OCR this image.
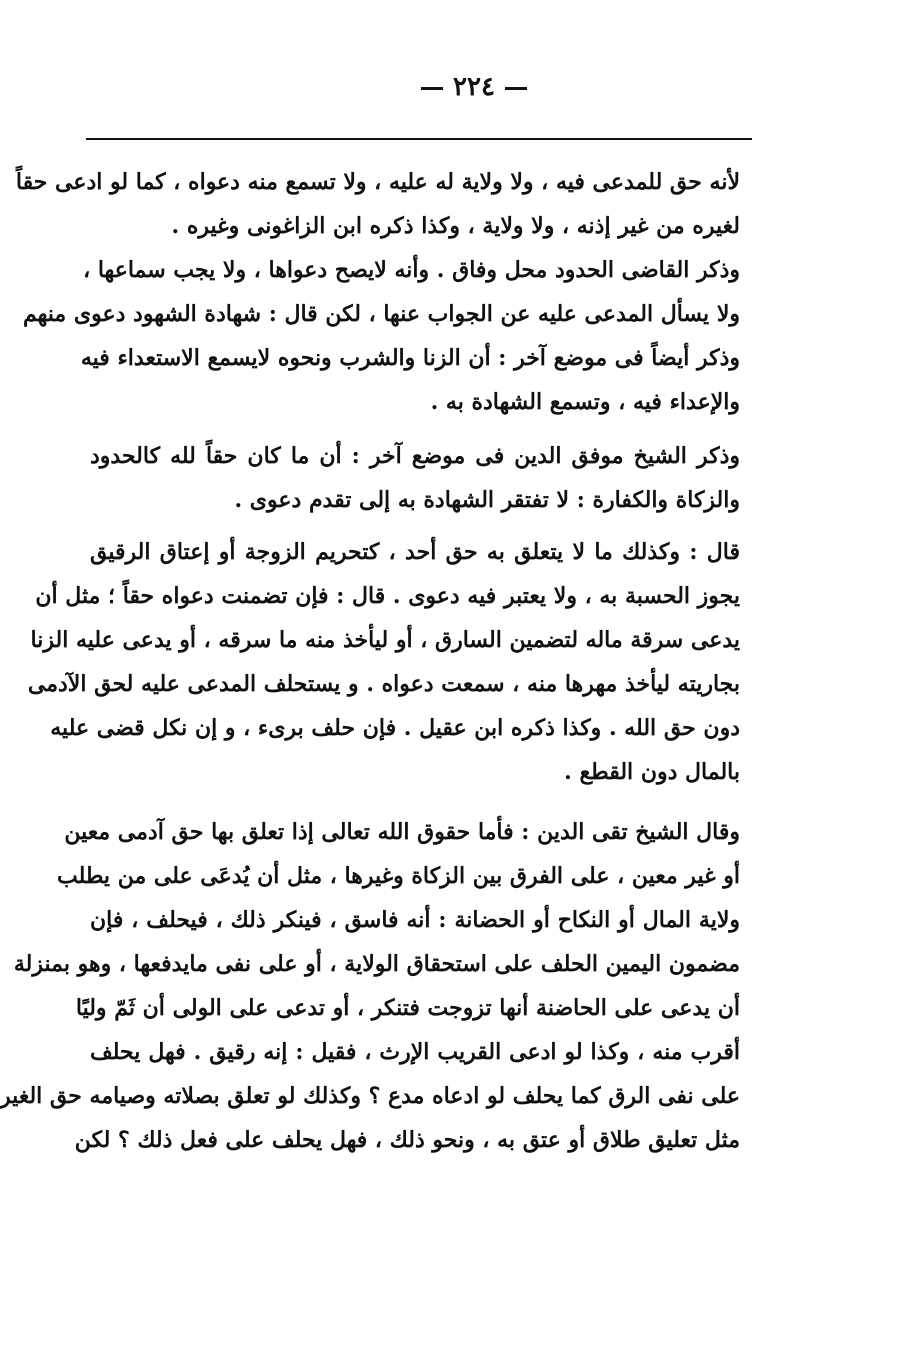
٢٢٤
لأنه حق للمدعى فيه ، ولا ولاية له عليه ، ولا تسمع منه دعواه ، كما لو ادعى حقاً
لغيره من غير إذنه ، ولا ولاية ، وكذا ذكره ابن الزاغونى وغيره .
وذكر القاضى الحدود محل وفاق . وأنه لايصح دعواها ، ولا يجب سماعها ،
ولا يسأل المدعى عليه عن الجواب عنها ، لكن قال : شهادة الشهود دعوى منهم
وذكر أيضاً فى موضع آخر : أن الزنا والشرب ونحوه لايسمع الاستعداء فيه
والإعداء فيه ، وتسمع الشهادة به .
وذكر الشيخ موفق الدين فى موضع آخر : أن ما كان حقاً لله كالحدود
والزكاة والكفارة : لا تفتقر الشهادة به إلى تقدم دعوى .
قال : وكذلك ما لا يتعلق به حق أحد ، كتحريم الزوجة أو إعتاق الرقيق
يجوز الحسبة به ، ولا يعتبر فيه دعوى . قال : فإن تضمنت دعواه حقاً ؛ مثل أن
يدعى سرقة ماله لتضمين السارق ، أو ليأخذ منه ما سرقه ، أو يدعى عليه الزنا
بجاريته ليأخذ مهرها منه ، سمعت دعواه . و يستحلف المدعى عليه لحق الآدمى
دون حق الله . وكذا ذكره ابن عقيل . فإن حلف برىء ، و إن نكل قضى عليه
بالمال دون القطع .
وقال الشيخ تقى الدين : فأما حقوق الله تعالى إذا تعلق بها حق آدمى معين
أو غير معين ، على الفرق بين الزكاة وغيرها ، مثل أن يُدعَى على من يطلب
ولاية المال أو النكاح أو الحضانة : أنه فاسق ، فينكر ذلك ، فيحلف ، فإن
مضمون اليمين الحلف على استحقاق الولاية ، أو على نفى مايدفعها ، وهو بمنزلة
أن يدعى على الحاضنة أنها تزوجت فتنكر ، أو تدعى على الولى أن ثَمّ وليًا
أقرب منه ، وكذا لو ادعى القريب الإرث ، فقيل : إنه رقيق . فهل يحلف
على نفى الرق كما يحلف لو ادعاه مدع ؟ وكذلك لو تعلق بصلاته وصيامه حق الغير
مثل تعليق طلاق أو عتق به ، ونحو ذلك ، فهل يحلف على فعل ذلك ؟ لكن
